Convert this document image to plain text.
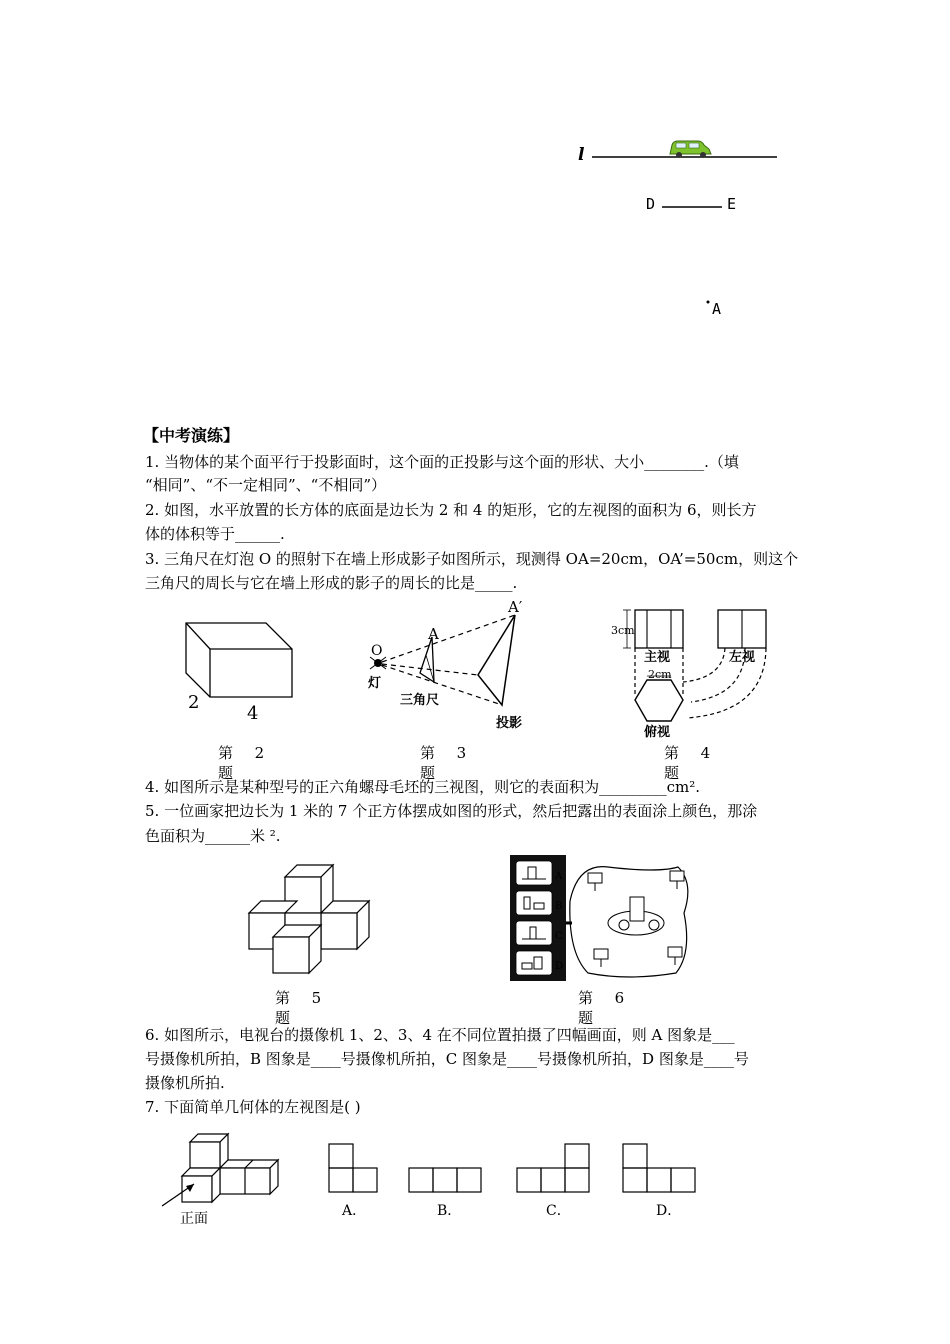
l
D	E
A
【中考演练】
1. 当物体的某个面平行于投影面时，这个面的正投影与这个面的形状、大小________.（填
“相同”、“不一定相同”、“不相同”）
2. 如图，水平放置的长方体的底面是边长为 2 和 4 的矩形，它的左视图的面积为 6，则长方
体的体积等于______.
3. 三角尺在灯泡 O 的照射下在墙上形成影子如图所示，现测得 OA=20cm，OA’=50cm，则这个
三角尺的周长与它在墙上形成的影子的周长的比是_____.
2
4
第    2
题
O
灯
A
A′
三角尺
投影
第    3
题
3cm
2cm
主视	左视
俯视
第    4
题
4. 如图所示是某种型号的正六角螺母毛坯的三视图，则它的表面积为_________cm².
5. 一位画家把边长为 1 米的 7 个正方体摆成如图的形式，然后把露出的表面涂上颜色，那涂
色面积为______米 ².
第    5
题
A
B
C
D
第    6
题
6. 如图所示，电视台的摄像机 1、2、3、4 在不同位置拍摄了四幅画面，则 A 图象是___
号摄像机所拍，B 图象是____号摄像机所拍，C 图象是____号摄像机所拍，D 图象是____号
摄像机所拍.
7. 下面简单几何体的左视图是( )
正面	A．	B．	C．	D．
